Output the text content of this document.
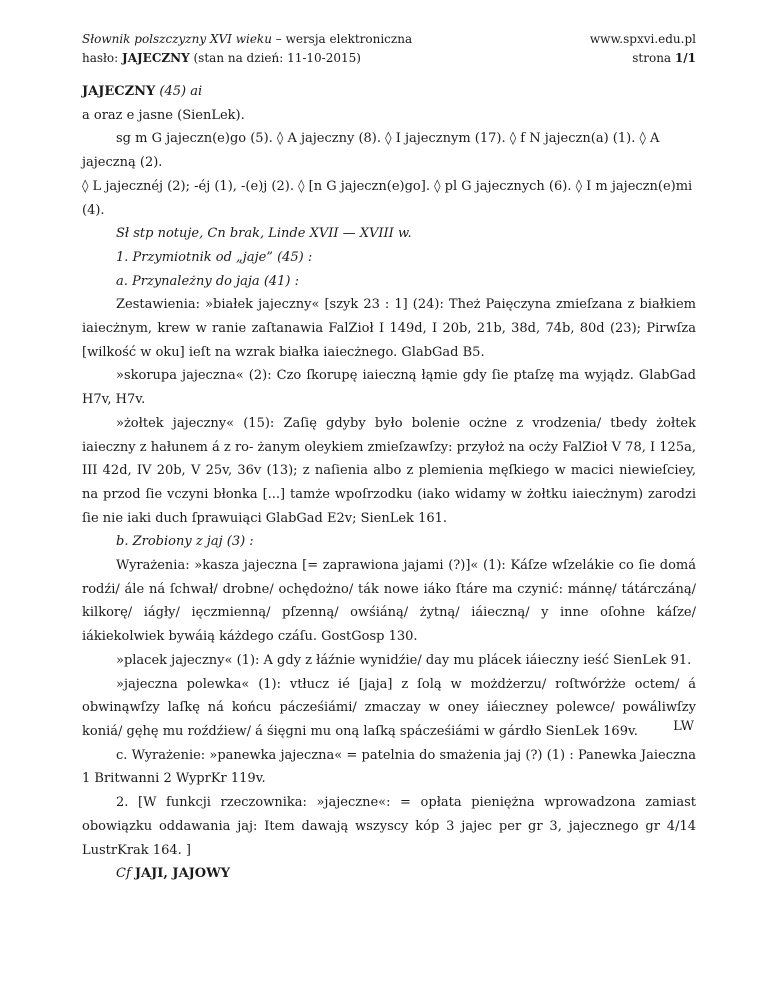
Słownik polszczyzny XVI wieku – wersja elektroniczna
hasło: JAJECZNY (stan na dzień: 11-10-2015)
www.spxvi.edu.pl
strona 1/1

JAJECZNY (45) ai

a oraz e jasne (SienLek).

sg m G jajeczn(e)go (5). ◊ A jajeczny (8). ◊ I jajecznym (17). ◊ f N jajeczn(a) (1). ◊ A jajeczną (2).

◊ L jajecznéj (2); -éj (1), -(e)j (2). ◊ [n G jajeczn(e)go]. ◊ pl G jajecznych (6). ◊ I m jajeczn(e)mi (4).

Sł stp notuje, Cn brak, Linde XVII — XVIII w.

1. Przymiotnik od „jaje” (45) :

a. Przynależny do jaja (41) :

Zestawienia: »białek jajeczny« [szyk 23 : 1] (24): Theż Paięczyna zmieſzana z białkiem iaiecżnym, krew w ranie zaſtanawia FalZioł I 149d, I 20b, 21b, 38d, 74b, 80d (23); Pirwſza [wilkość w oku] ieſt na wzrak białka iaiecżnego. GlabGad B5.

»skorupa jajeczna« (2): Czo ſkorupę iaieczną łąmie gdy ſie ptaſzę ma wyjądz. GlabGad H7v, H7v.

»żołtek jajeczny« (15): Zaſię gdyby było bolenie ocżne z vrodzenia/ tbedy żołtek iaieczny z hałunem á z ro- żanym oleykiem zmieſzawſzy: przyłoż na ocży FalZioł V 78, I 125a, III 42d, IV 20b, V 25v, 36v (13); z naſienia albo z plemienia męſkiego w macici niewieſciey, na przod ſie vczyni błonka [...] tamże wpoſrzodku (iako widamy w żołtku iaiecżnym) zarodzi ſie nie iaki duch ſprawuiąci GlabGad E2v; SienLek 161.

b. Zrobiony z jaj (3) :

Wyrażenia: »kasza jajeczna [= zaprawiona jajami (?)]« (1): Káſze wſzelákie co ſie domá rodźi/ ále ná ſchwał/ drobne/ ochędożno/ ták nowe iáko ſtáre ma czynić: mánnę/ tátárczáną/ kilkorę/ iágły/ ięczmienną/ pſzenną/ owśiáną/ żytną/ iáieczną/ y inne oſohne káſze/ iákiekolwiek bywáią káżdego czáſu. GostGosp 130.

»placek jajeczny« (1): A gdy z łáźnie wynidźie/ day mu plácek iáieczny ieść SienLek 91.

»jajeczna polewka« (1): vtłucz ié [jaja] z ſolą w możdżerzu/ roſtwórżże octem/ á obwinąwſzy laſkę ná końcu pácześiámi/ zmaczay w oney iáieczney polewce/ powáliwſzy koniá/ gęhę mu roźdźiew/ á śięgni mu oną laſką spácześiámi w gárdło SienLek 169v.

c. Wyrażenie: »panewka jajeczna« = patelnia do smażenia jaj (?) (1) : Panewka Jaieczna 1 Britwanni 2 WyprKr 119v.

2. [W funkcji rzeczownika: »jajeczne«: = opłata pieniężna wprowadzona zamiast obowiązku oddawania jaj: Item dawają wszyscy kóp 3 jajec per gr 3, jajecznego gr 4/14 LustrKrak 164. ]

Cf JAJI, JAJOWY

LW
